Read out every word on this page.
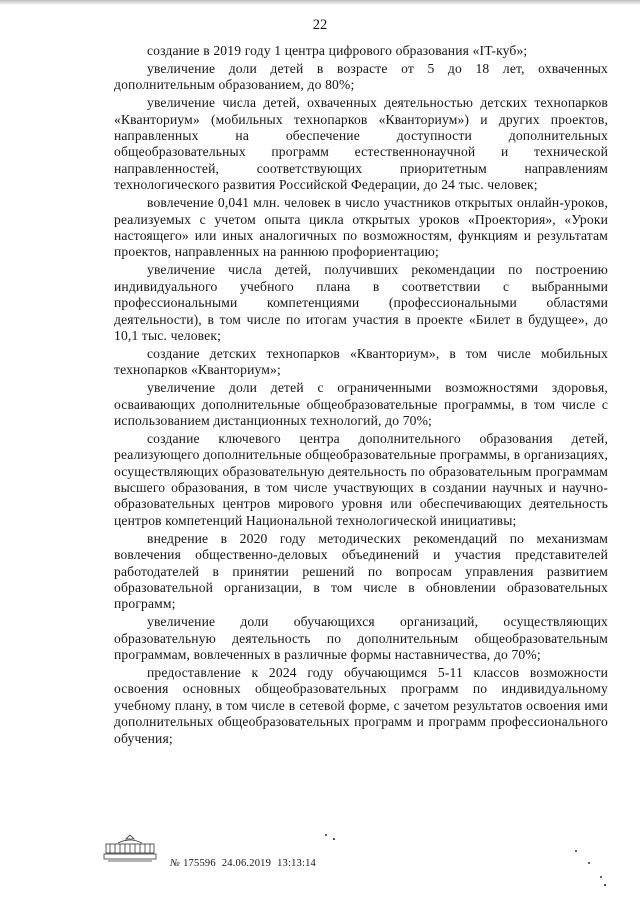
22

создание в 2019 году 1 центра цифрового образования «IT-куб»;

увеличение доли детей в возрасте от 5 до 18 лет, охваченных дополнительным образованием, до 80%;

увеличение числа детей, охваченных деятельностью детских технопарков «Кванториум» (мобильных технопарков «Кванториум») и других проектов, направленных на обеспечение доступности дополнительных общеобразовательных программ естественнонаучной и технической направленностей, соответствующих приоритетным направлениям технологического развития Российской Федерации, до 24 тыс. человек;

вовлечение 0,041 млн. человек в число участников открытых онлайн-уроков, реализуемых с учетом опыта цикла открытых уроков «Проектория», «Уроки настоящего» или иных аналогичных по возможностям, функциям и результатам проектов, направленных на раннюю профориентацию;

увеличение числа детей, получивших рекомендации по построению индивидуального учебного плана в соответствии с выбранными профессиональными компетенциями (профессиональными областями деятельности), в том числе по итогам участия в проекте «Билет в будущее», до 10,1 тыс. человек;

создание детских технопарков «Кванториум», в том числе мобильных технопарков «Кванториум»;

увеличение доли детей с ограниченными возможностями здоровья, осваивающих дополнительные общеобразовательные программы, в том числе с использованием дистанционных технологий, до 70%;

создание ключевого центра дополнительного образования детей, реализующего дополнительные общеобразовательные программы, в организациях, осуществляющих образовательную деятельность по образовательным программам высшего образования, в том числе участвующих в создании научных и научно-образовательных центров мирового уровня или обеспечивающих деятельность центров компетенций Национальной технологической инициативы;

внедрение в 2020 году методических рекомендаций по механизмам вовлечения общественно-деловых объединений и участия представителей работодателей в принятии решений по вопросам управления развитием образовательной организации, в том числе в обновлении образовательных программ;

увеличение доли обучающихся организаций, осуществляющих образовательную деятельность по дополнительным общеобразовательным программам, вовлеченных в различные формы наставничества, до 70%;

предоставление к 2024 году обучающимся 5-11 классов возможности освоения основных общеобразовательных программ по индивидуальному учебному плану, в том числе в сетевой форме, с зачетом результатов освоения ими дополнительных общеобразовательных программ и программ профессионального обучения;

№ 175596 24.06.2019 13:13:14
